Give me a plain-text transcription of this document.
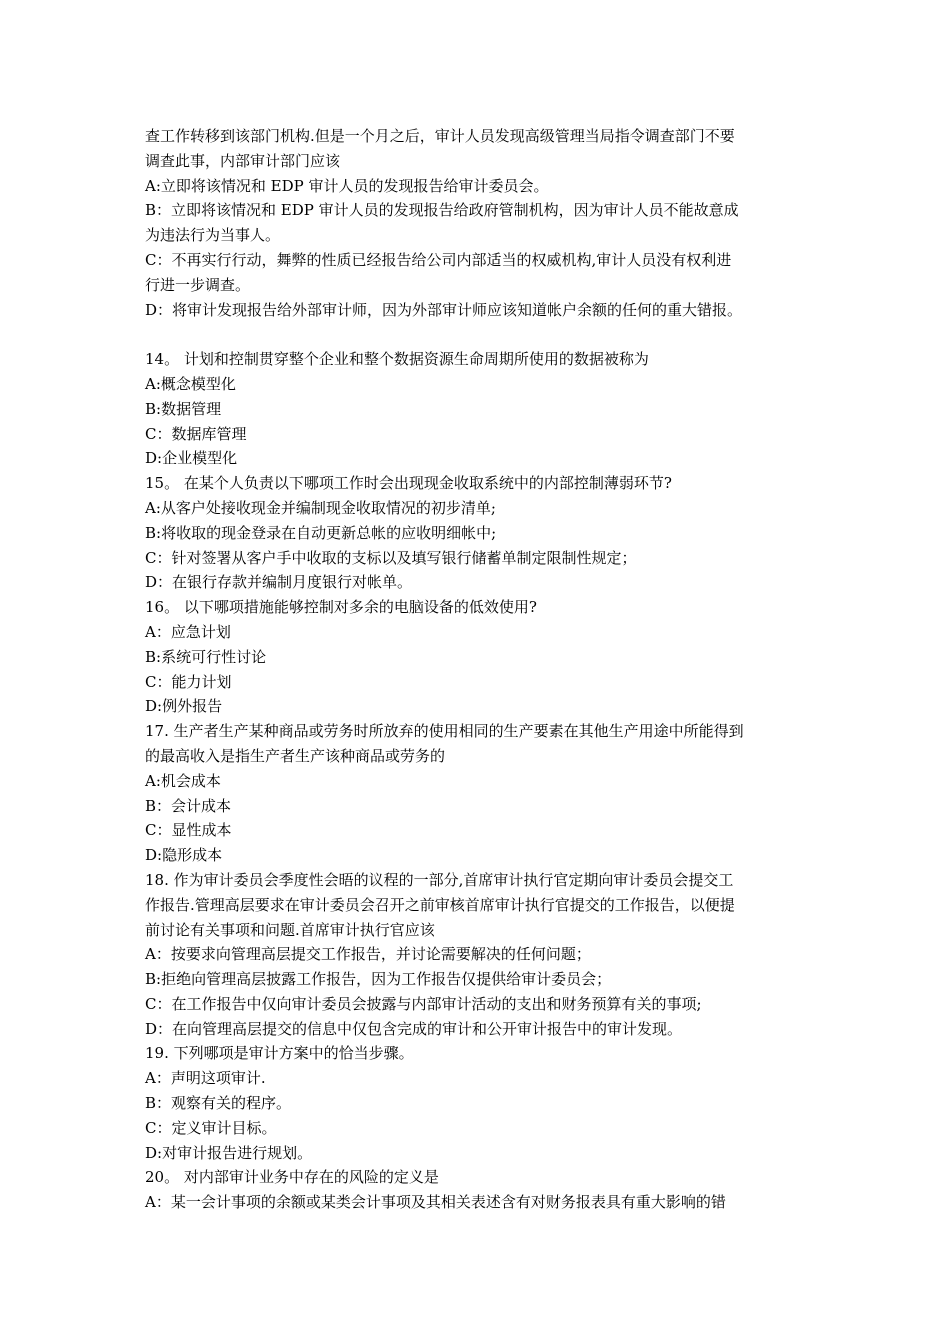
查工作转移到该部门机构.但是一个月之后，审计人员发现高级管理当局指令调查部门不要
调查此事，内部审计部门应该
A:立即将该情况和 EDP 审计人员的发现报告给审计委员会。
B：立即将该情况和 EDP 审计人员的发现报告给政府管制机构，因为审计人员不能故意成
为违法行为当事人。
C：不再实行行动，舞弊的性质已经报告给公司内部适当的权威机构,审计人员没有权利进
行进一步调查。
D：将审计发现报告给外部审计师，因为外部审计师应该知道帐户余额的任何的重大错报。
14。 计划和控制贯穿整个企业和整个数据资源生命周期所使用的数据被称为
A:概念模型化
B:数据管理
C：数据库管理
D:企业模型化
15。 在某个人负责以下哪项工作时会出现现金收取系统中的内部控制薄弱环节?
A:从客户处接收现金并编制现金收取情况的初步清单;
B:将收取的现金登录在自动更新总帐的应收明细帐中;
C：针对签署从客户手中收取的支标以及填写银行储蓄单制定限制性规定；
D：在银行存款并编制月度银行对帐单。
16。 以下哪项措施能够控制对多余的电脑设备的低效使用?
A：应急计划
B:系统可行性讨论
C：能力计划
D:例外报告
17. 生产者生产某种商品或劳务时所放弃的使用相同的生产要素在其他生产用途中所能得到
的最高收入是指生产者生产该种商品或劳务的
A:机会成本
B：会计成本
C：显性成本
D:隐形成本
18. 作为审计委员会季度性会晤的议程的一部分,首席审计执行官定期向审计委员会提交工
作报告.管理高层要求在审计委员会召开之前审核首席审计执行官提交的工作报告，以便提
前讨论有关事项和问题.首席审计执行官应该
A：按要求向管理高层提交工作报告，并讨论需要解决的任何问题；
B:拒绝向管理高层披露工作报告，因为工作报告仅提供给审计委员会；
C：在工作报告中仅向审计委员会披露与内部审计活动的支出和财务预算有关的事项;
D：在向管理高层提交的信息中仅包含完成的审计和公开审计报告中的审计发现。
19. 下列哪项是审计方案中的恰当步骤。
A：声明这项审计.
B：观察有关的程序。
C：定义审计目标。
D:对审计报告进行规划。
20。 对内部审计业务中存在的风险的定义是
A：某一会计事项的余额或某类会计事项及其相关表述含有对财务报表具有重大影响的错
